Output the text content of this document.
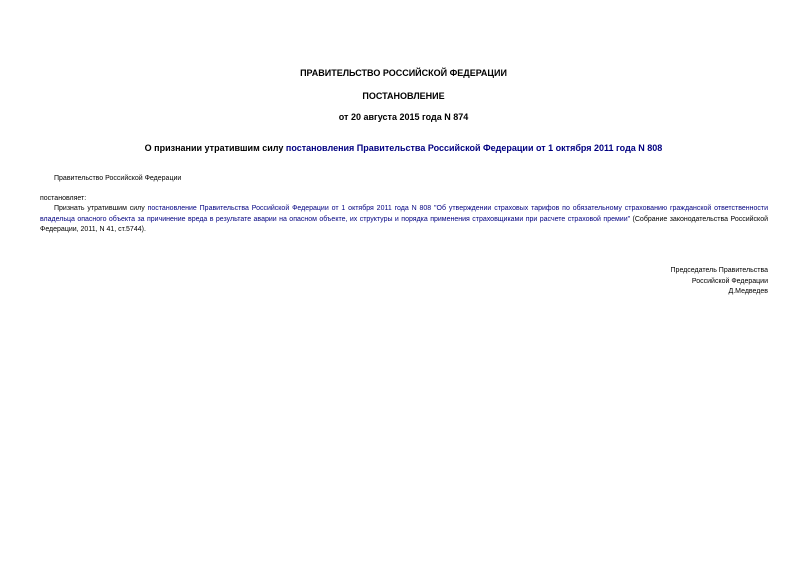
ПРАВИТЕЛЬСТВО РОССИЙСКОЙ ФЕДЕРАЦИИ
ПОСТАНОВЛЕНИЕ
от 20 августа 2015 года N 874
О признании утратившим силу постановления Правительства Российской Федерации от 1 октября 2011 года N 808
Правительство Российской Федерации
постановляет:
Признать утратившим силу постановление Правительства Российской Федерации от 1 октября 2011 года N 808 "Об утверждении страховых тарифов по обязательному страхованию гражданской ответственности владельца опасного объекта за причинение вреда в результате аварии на опасном объекте, их структуры и порядка применения страховщиками при расчете страховой премии" (Собрание законодательства Российской Федерации, 2011, N 41, ст.5744).
Председатель Правительства
Российской Федерации
Д.Медведев
